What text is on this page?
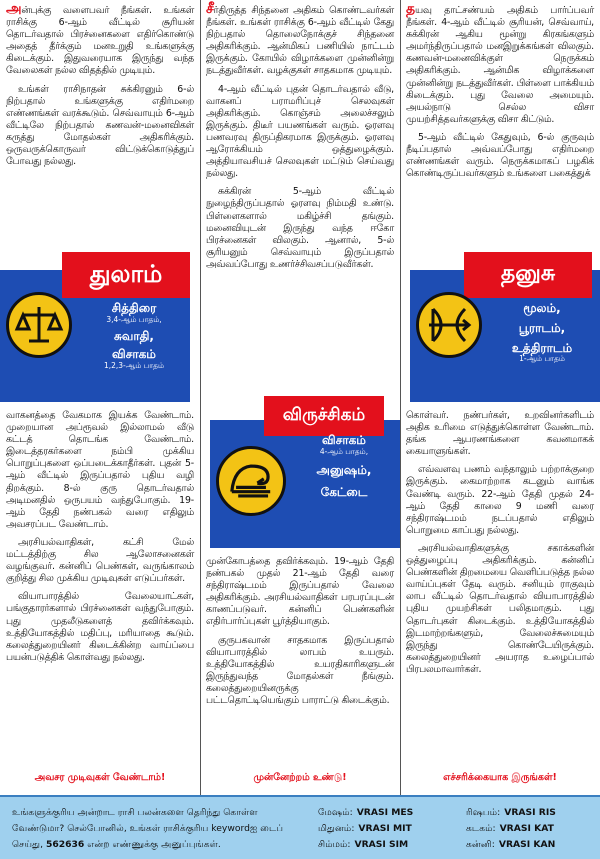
அன்புக்கு வளைபவர் நீங்கள். உங்கள் ராசிக்கு 6-ஆம் வீட்டில் சூரியன் தொடர்வதால் பிரச்னைகளை எதிர்கொண்டு அதைத் தீர்க்கும் மனஉறுதி உங்களுக்கு கிடைக்கும். இதுவரையாக இருந்து வந்த வேலைகள் நல்ல விதத்தில் முடியும்.

உங்கள் ராசிநாதன் சுக்கிரனும் 6-ல் நிற்பதால் உங்களுக்கு எதிர்மறை எண்ணங்கள் வரக்கூடும். செவ்வாயும் 6-ஆம் வீட்டிலே நிற்பதால் கணவன்-மனைவிகள் கருத்து மோதல்கள் அதிகரிக்கும். ஒருவருக்கொருவர் விட்டுக்கொடுத்துப் போவது நல்லது.

துலாம்
சித்திரை
3,4-ஆம் பாதம்,
சுவாதி,
விசாகம்
1,2,3-ஆம் பாதம்

வாகனத்தை வேகமாக இயக்க வேண்டாம். முறையான அப்ரூவல் இல்லாமல் வீடு கட்டத் தொடங்க வேண்டாம். இடைத்தரகர்களை நம்பி முக்கிய பொறுப்புகளை ஒப்படைக்காதீர்கள். புதன் 5-ஆம் வீட்டில் இருப்பதால் புதிய வழி திறக்கும். 8-ல் குரு தொடர்வதால் அடிமனதில் ஒருபயம் வந்துபோகும். 19-ஆம் தேதி நண்பகல் வரை எதிலும் அவசரப்பட வேண்டாம்.

அரசியல்வாதிகள், கட்சி மேல் மட்டத்திற்கு சில ஆலோசனைகள் வழங்குவர். கன்னிப் பெண்கள், வருங்காலம் குறித்து சில முக்கிய முடிவுகள் எடுப்பர்கள்.

வியாபாரத்தில் வேலையாட்கள், பங்குதாரர்களால் பிரச்னைகள் வந்துபோகும். புது முதலீடுகளைத் தவிர்க்கவும். உத்தியோகத்தில் மதிப்பு, மரியாதை கூடும். கலைத்துறையினர் கிடைக்கின்ற வாய்ப்பை பயன்படுத்திக் கொள்வது நல்லது.

அவசர முடிவுகள் வேண்டாம்!

சீர்திருத்த சிந்தனை அதிகம் கொண்டவர்கள் நீங்கள். உங்கள் ராசிக்கு 6-ஆம் வீட்டில் கேது நிற்பதால் தொலைநோக்குச் சிந்தனை அதிகரிக்கும். ஆன்மிகப் பணியில் நாட்டம் இருக்கும். கோயில் விழாக்களை முன்னின்று நடத்துவீர்கள். வழக்குகள் சாதகமாக முடியும்.

4-ஆம் வீட்டில் புதன் தொடர்வதால் வீடு, வாகனப் பராமரிப்புச் செலவுகள் அதிகரிக்கும். கொஞ்சம் அலைச்சலும் இருக்கும். திடீர் பயணங்கள் வரும். ஓரளவு பணவரவு திருப்திகரமாக இருக்கும். ஓரளவு ஆரோக்கியம் ஒத்துழைக்கும். அத்தியாவசியச் செலவுகள் மட்டும் செய்வது நல்லது.

சுக்கிரன் 5-ஆம் வீட்டில் நுழைந்திருப்பதால் ஓரளவு நிம்மதி உண்டு. பிள்ளைகளால் மகிழ்ச்சி தங்கும். மனைவியுடன் இருந்து வந்த ஈகோ பிரச்னைகள் விலகும். ஆனால், 5-ல் சூரியனும் செவ்வாயும் இருப்பதால் அவ்வப்போது உணர்ச்சிவசப்படுவீர்கள்.

விருச்சிகம்
விசாகம்
4-ஆம் பாதம்,
அனுஷம்,
கேட்டை

முன்கோபத்தை தவிர்க்கவும். 19-ஆம் தேதி நண்பகல் முதல் 21-ஆம் தேதி வரை சந்திராஷ்டமம் இருப்பதால் வேலை அதிகரிக்கும். அரசியல்வாதிகள் பரபரப்புடன் காணப்படுவர். கன்னிப் பெண்களின் எதிர்பார்ப்புகள் பூர்த்தியாகும்.

குருபகவான் சாதகமாக இருப்பதால் வியாபாரத்தில் லாபம் உயரும். உத்தியோகத்தில் உயரதிகாரிகளுடன் இருந்துவந்த மோதல்கள் நீங்கும். கலைத்துறையினருக்கு பட்டதொட்டியெங்கும் பாராட்டு கிடைக்கும்.

முன்னேற்றம் உண்டு!

தயவு தாட்சண்யம் அதிகம் பார்ப்பவர் நீங்கள். 4-ஆம் வீட்டில் சூரியன், செவ்வாய், சுக்கிரன் ஆகிய மூன்று கிரகங்களும் அமர்ந்திருப்பதால் மனஇறுக்கங்கள் விலகும். கணவன்-மனைவிக்குள் நெருக்கம் அதிகரிக்கும். ஆன்மிக விழாக்களை முன்னின்று நடத்துவீர்கள். பிள்ளை பாக்கியம் கிடைக்கும். புது வேலை அமையும். அயல்நாடு செல்ல விசா முயற்சித்தவர்களுக்கு விசா கிட்டும்.

5-ஆம் வீட்டில் கேதுவும், 6-ல் குருவும் நீடிப்பதால் அவ்வப்போது எதிர்மறை எண்ணங்கள் வரும். நெருக்கமாகப் பழகிக் கொண்டிருப்பவர்களும் உங்களை பகைத்துக்

தனுசு
மூலம்,
பூராடம்,
உத்திராடம்
1-ஆம் பாதம்

கொள்வர். நண்பர்கள், உறவினர்களிடம் அதிக உரிமை எடுத்துக்கொள்ள வேண்டாம். தங்க ஆபரணங்களை கவனமாகக் கையாளுங்கள்.

எவ்வளவு பணம் வந்தாலும் பற்றாக்குறை இருக்கும். கைமாற்றாக கடனும் வாங்க வேண்டி வரும். 22-ஆம் தேதி முதல் 24-ஆம் தேதி காலை 9 மணி வரை சந்திராஷ்டமம் நடப்பதால் எதிலும் பொறுமை காப்பது நல்லது.

அரசியல்வாதிகளுக்கு சகாக்களின் ஒத்துழைப்பு அதிகரிக்கும். கன்னிப் பெண்களின் திறமையை வெளிப்படுத்த நல்ல வாய்ப்புகள் தேடி வரும். சனியும் ராகுவும் லாப வீட்டில் தொடர்வதால் வியாபாரத்தில் புதிய முயற்சிகள் பலிதமாகும். புது தொடர்புகள் கிடைக்கும். உத்தியோகத்தில் இடமாற்றங்களும், வேலைச்சுமையும் இருந்து கொண்டேயிருக்கும். கலைத்துறையினர் அயராத உழைப்பால் பிரபலமாவார்கள்.

எச்சரிக்கையாக இருங்கள்!
உங்களுக்குரிய அன்றாட ராசி பலன்களை தெரிந்து கொள்ள வேண்டுமா? செல்போனில், உங்கள் ராசிக்குரிய keywordஐ டைப் செய்து, 562636 என்ற எண்ணுக்கு அனுப்புங்கள்.
மேஷம்: VRASI MES
மிதுனம்: VRASI MIT
சிம்மம்: VRASI SIM
ரிஷபம்: VRASI RIS
கடகம்: VRASI KAT
கன்னி: VRASI KAN
